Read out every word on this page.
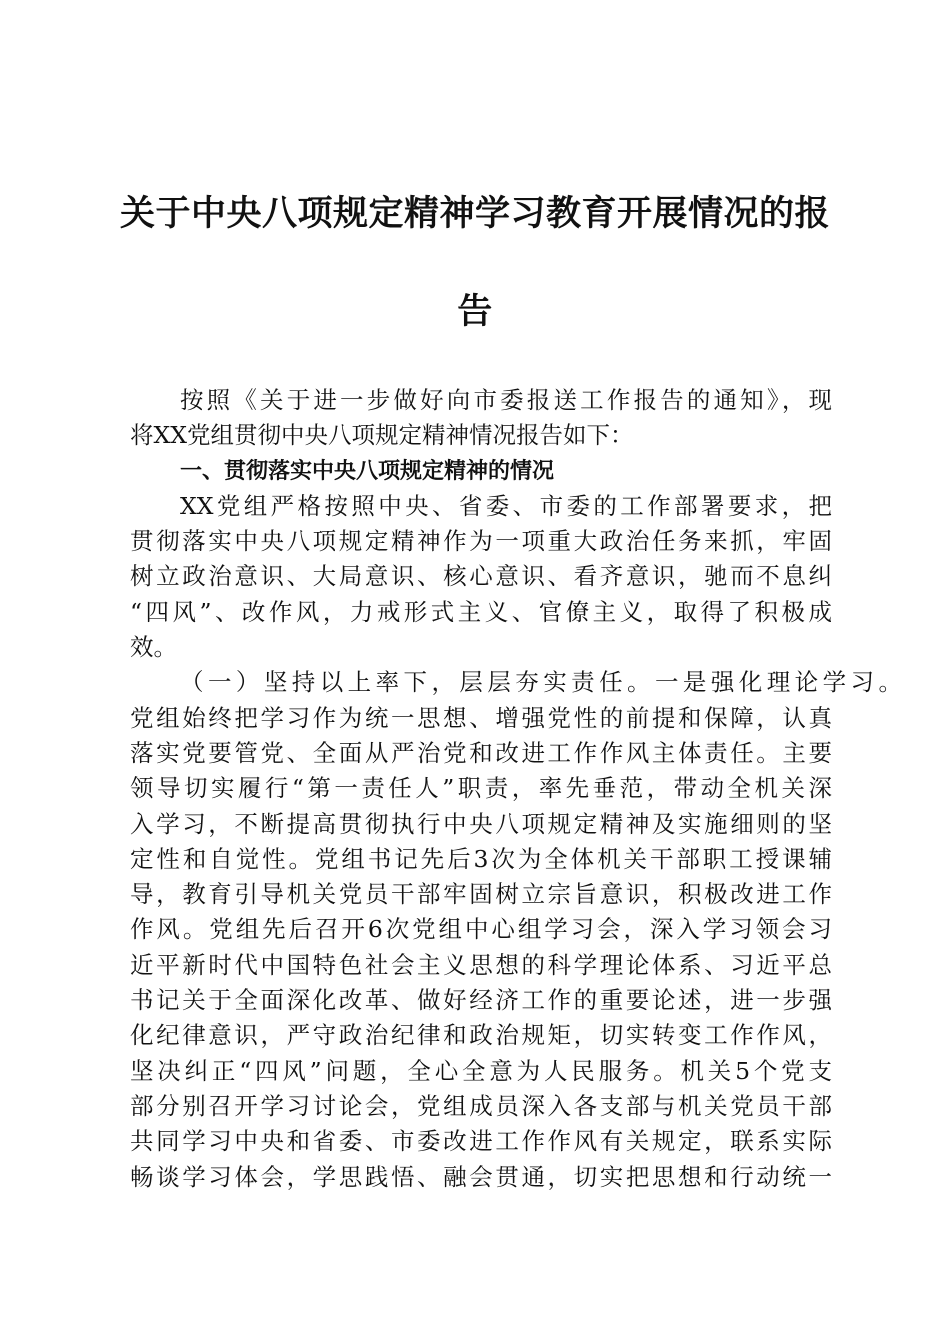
关于中央八项规定精神学习教育开展情况的报
告
按照《关于进一步做好向市委报送工作报告的通知》，现
将XX党组贯彻中央八项规定精神情况报告如下：
一、贯彻落实中央八项规定精神的情况
XX党组严格按照中央、省委、市委的工作部署要求，把
贯彻落实中央八项规定精神作为一项重大政治任务来抓，牢固
树立政治意识、大局意识、核心意识、看齐意识，驰而不息纠
“四风”、改作风，力戒形式主义、官僚主义，取得了积极成
效。
（一）坚持以上率下，层层夯实责任。一是强化理论学习。
党组始终把学习作为统一思想、增强党性的前提和保障，认真
落实党要管党、全面从严治党和改进工作作风主体责任。主要
领导切实履行“第一责任人”职责，率先垂范，带动全机关深
入学习，不断提高贯彻执行中央八项规定精神及实施细则的坚
定性和自觉性。党组书记先后3次为全体机关干部职工授课辅
导，教育引导机关党员干部牢固树立宗旨意识，积极改进工作
作风。党组先后召开6次党组中心组学习会，深入学习领会习
近平新时代中国特色社会主义思想的科学理论体系、习近平总
书记关于全面深化改革、做好经济工作的重要论述，进一步强
化纪律意识，严守政治纪律和政治规矩，切实转变工作作风，
坚决纠正“四风”问题，全心全意为人民服务。机关5个党支
部分别召开学习讨论会，党组成员深入各支部与机关党员干部
共同学习中央和省委、市委改进工作作风有关规定，联系实际
畅谈学习体会，学思践悟、融会贯通，切实把思想和行动统一
